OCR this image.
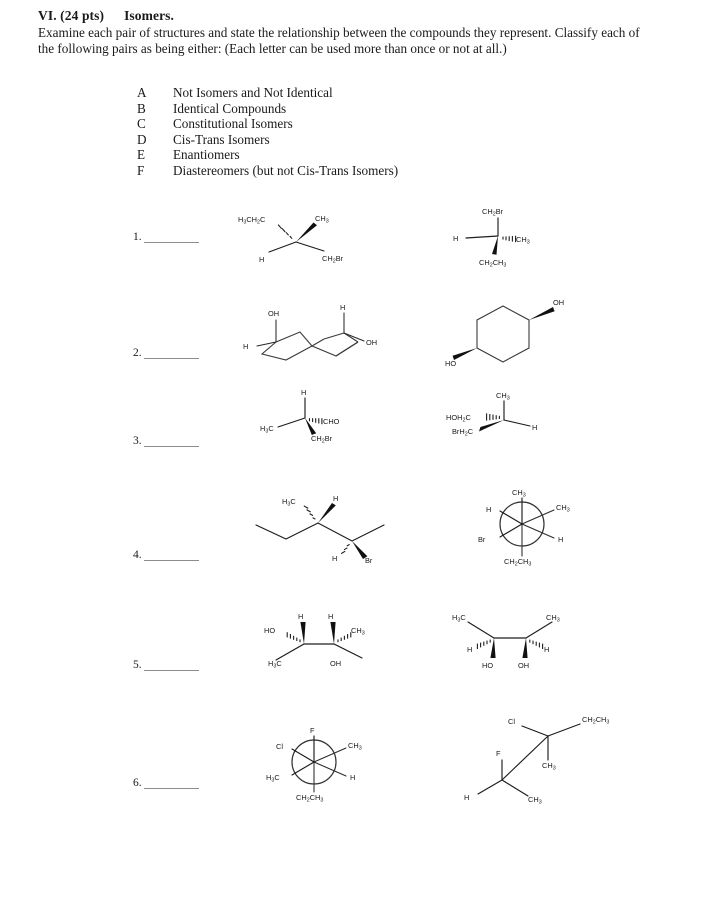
VI. (24 pts) Isomers.

Examine each pair of structures and state the relationship between the compounds they represent. Classify each of the following pairs as being either: (Each letter can be used more than once or not at all.)

A	Not Isomers and Not Identical
B	Identical Compounds
C	Constitutional Isomers
D	Cis-Trans Isomers
E	Enantiomers
F	Diastereomers (but not Cis-Trans Isomers)
1.
$H_3CH_2C$	$CH_3$
H	$CH_2Br$
$CH_2Br$
H	$CH_3$
$CH_2CH_3$
2.
OH
H
H
OH
OH
HO
3.
H
$H_3C$
CHO
$CH_2Br$
$CH_3$
$HOH_2C$
BrH$_2$C	H
4.
$H_3C$	H
H	Br
$CH_3$
H
Br
$CH_3$
H
$CH_2CH_3$
5.
H
HO
H
$CH_3$
$H_3C$	OH
$H_3C$	$CH_3$
H	H
HO	OH
6.
F
Cl
$H_3C$
$CH_3$
H
$CH_2CH_3$
Cl	$CH_2CH_3$
$CH_3$
F
H	$CH_3$
